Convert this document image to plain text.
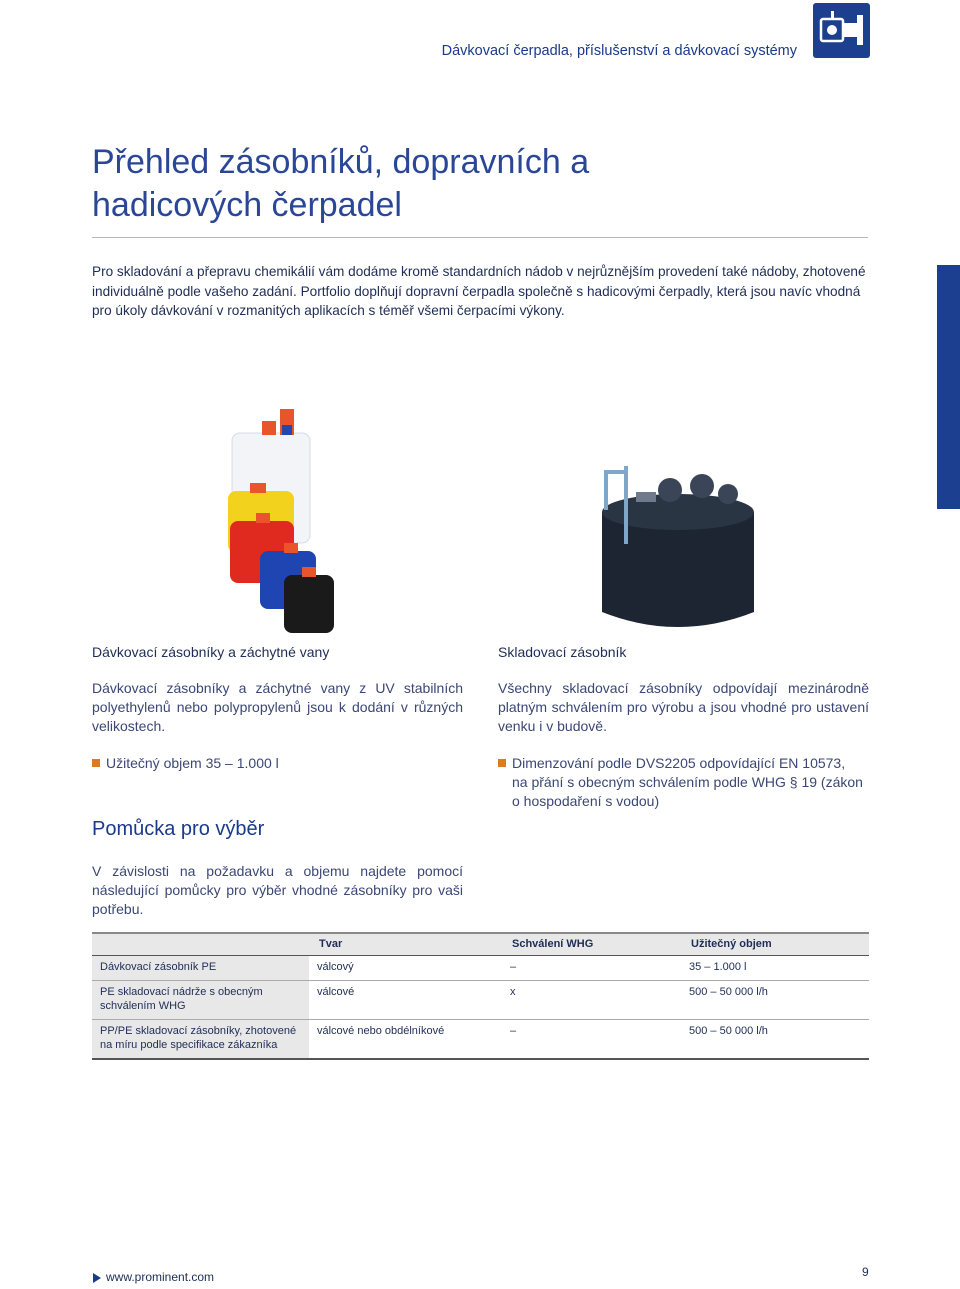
Dávkovací čerpadla, příslušenství a dávkovací systémy
Přehled zásobníků, dopravních a
hadicových čerpadel

Pro skladování a přepravu chemikálií vám dodáme kromě standardních nádob v nejrůznějším provedení také nádoby, zhotovené individuálně podle vašeho zadání. Portfolio doplňují dopravní čerpadla společně s hadicovými čerpadly, která jsou navíc vhodná pro úkoly dávkování v rozmanitých aplikacích s téměř všemi čerpacími výkony.

Dávkovací zásobníky a záchytné vany

Dávkovací zásobníky a záchytné vany z UV stabilních polyethylenů nebo polypropylenů jsou k dodání v různých velikostech.

Užitečný objem 35 – 1.000 l
Skladovací zásobník

Všechny skladovací zásobníky odpovídají mezinárodně platným schválením pro výrobu a jsou vhodné pro ustavení venku i v budově.

Dimenzování podle DVS2205 odpovídající EN 10573,
na přání s obecným schválením podle WHG § 19 (zákon
o hospodaření s vodou)
Pomůcka pro výběr

V závislosti na požadavku a objemu najdete pomocí následující pomůcky pro výběr vhodné zásobníky pro vaši potřebu.

	Tvar	Schválení WHG	Užitečný objem
Dávkovací zásobník PE	válcový	–	35 – 1.000 l
PE skladovací nádrže s obecným schválením WHG	válcové	x	500 – 50 000 l/h
PP/PE skladovací zásobníky, zhotovené na míru podle specifikace zákazníka	válcové nebo obdélníkové	–	500 – 50 000 l/h
www.prominent.com	9
